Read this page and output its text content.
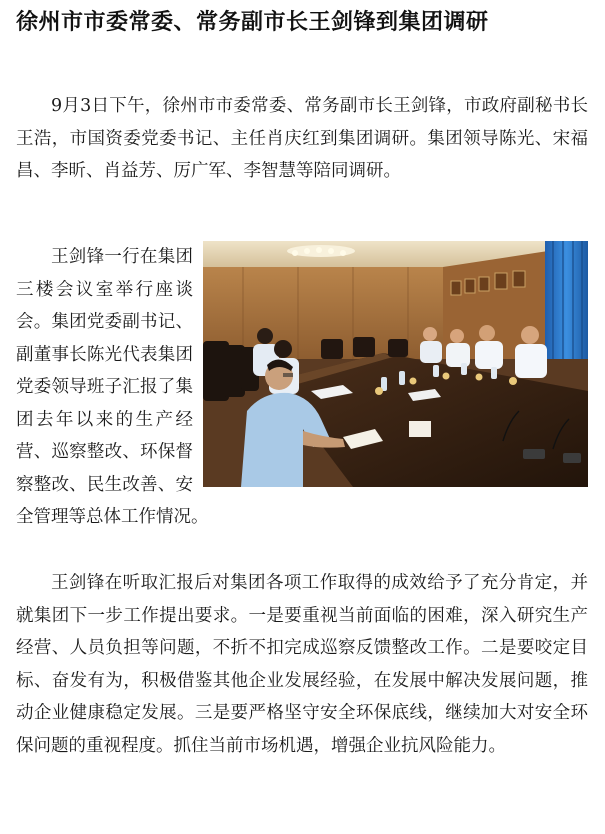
徐州市市委常委、常务副市长王剑锋到集团调研

9月3日下午，徐州市市委常委、常务副市长王剑锋，市政府副秘书长王浩，市国资委党委书记、主任肖庆红到集团调研。集团领导陈光、宋福昌、李昕、肖益芳、厉广军、李智慧等陪同调研。

王剑锋一行在集团三楼会议室举行座谈会。集团党委副书记、副董事长陈光代表集团党委领导班子汇报了集团去年以来的生产经营、巡察整改、环保督察整改、民生改善、安全管理等总体工作情况。

王剑锋在听取汇报后对集团各项工作取得的成效给予了充分肯定，并就集团下一步工作提出要求。一是要重视当前面临的困难，深入研究生产经营、人员负担等问题，不折不扣完成巡察反馈整改工作。二是要咬定目标、奋发有为，积极借鉴其他企业发展经验，在发展中解决发展问题，推动企业健康稳定发展。三是要严格坚守安全环保底线，继续加大对安全环保问题的重视程度。抓住当前市场机遇，增强企业抗风险能力。
